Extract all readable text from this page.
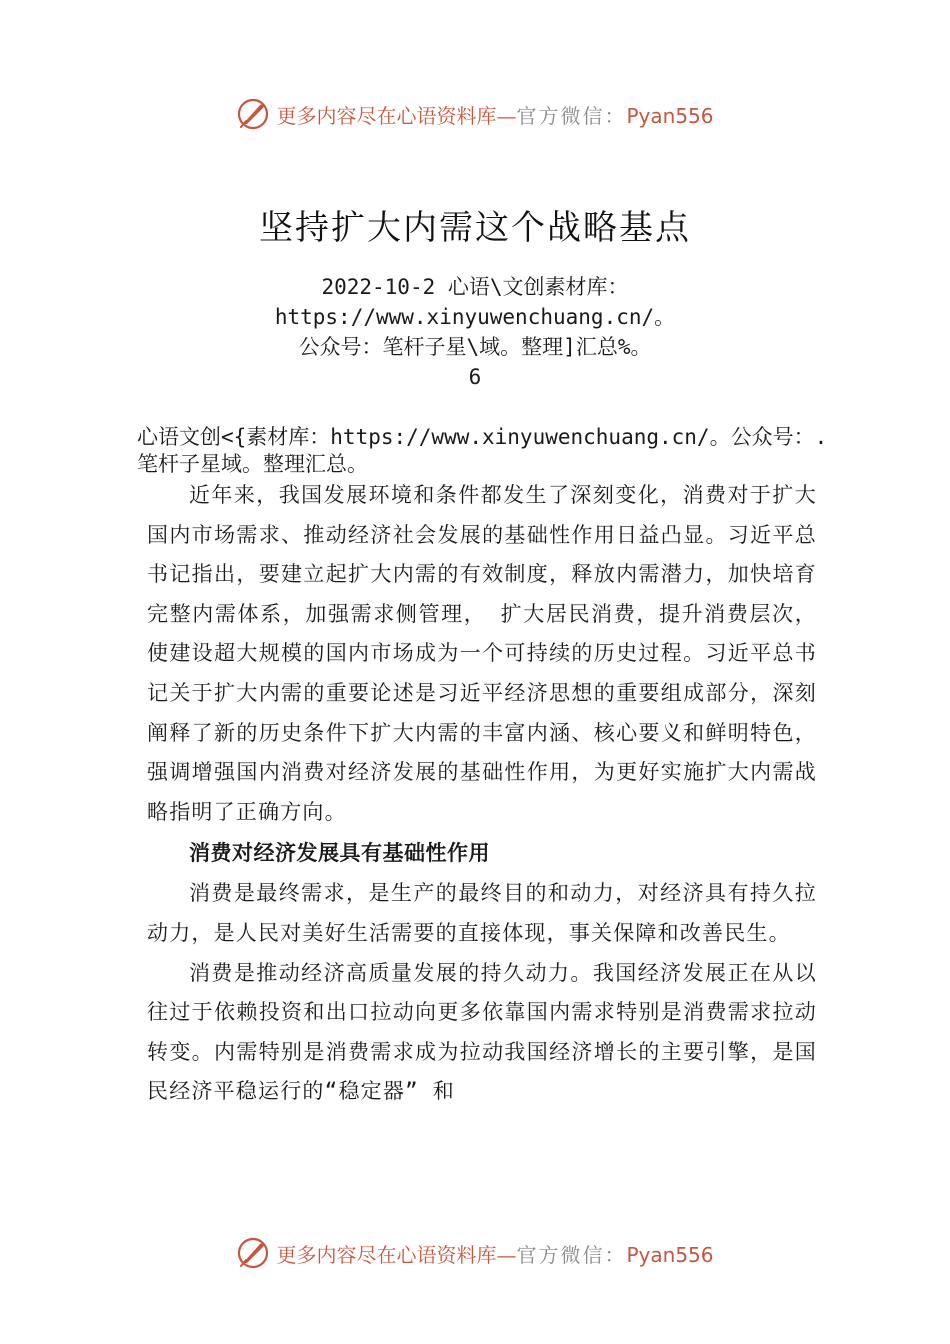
更多内容尽在心语资料库—官方微信：Pyan556
坚持扩大内需这个战略基点
2022-10-2 心语\文创素材库：
https://www.xinyuwenchuang.cn/。
公众号：笔杆子星\域。整理]汇总%。
6
心语文创<{素材库：https://www.xinyuwenchuang.cn/。公众号：.笔杆子星域。整理汇总。

近年来，我国发展环境和条件都发生了深刻变化，消费对于扩大国内市场需求、推动经济社会发展的基础性作用日益凸显。习近平总书记指出，要建立起扩大内需的有效制度，释放内需潜力，加快培育完整内需体系，加强需求侧管理， 扩大居民消费，提升消费层次，使建设超大规模的国内市场成为一个可持续的历史过程。习近平总书记关于扩大内需的重要论述是习近平经济思想的重要组成部分，深刻阐释了新的历史条件下扩大内需的丰富内涵、核心要义和鲜明特色， 强调增强国内消费对经济发展的基础性作用，为更好实施扩大内需战略指明了正确方向。

消费对经济发展具有基础性作用

消费是最终需求，是生产的最终目的和动力，对经济具有持久拉动力，是人民对美好生活需要的直接体现，事关保障和改善民生。

消费是推动经济高质量发展的持久动力。我国经济发展正在从以往过于依赖投资和出口拉动向更多依靠国内需求特别是消费需求拉动转变。内需特别是消费需求成为拉动我国经济增长的主要引擎，是国民经济平稳运行的“稳定器” 和

更多内容尽在心语资料库—官方微信：Pyan556
